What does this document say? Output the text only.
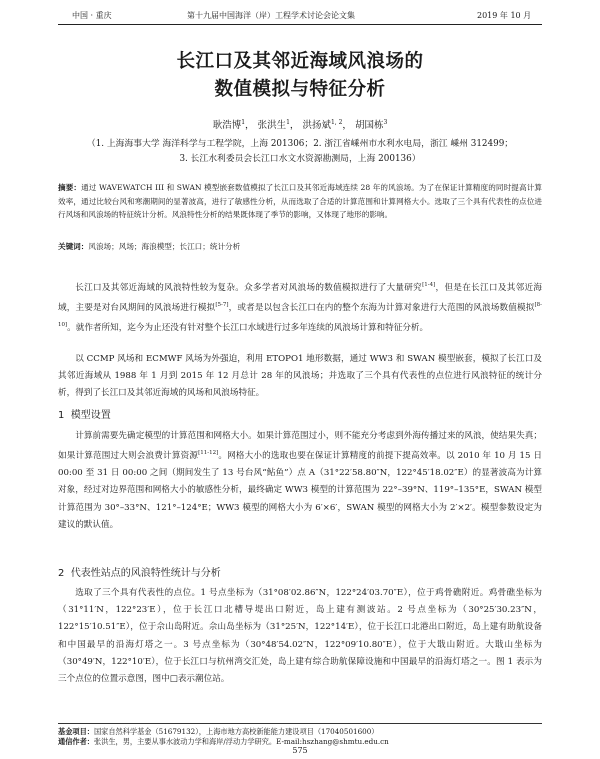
中国 · 重庆	第十九届中国海洋（岸）工程学术讨论会论文集	2019 年 10 月
长江口及其邻近海域风浪场的
数值模拟与特征分析
耿浩博$^1$， 张洪生$^1$， 洪扬斌$^{1, 2}$， 胡国栋$^3$
（1. 上海海事大学 海洋科学与工程学院，上海 201306；2. 浙江省嵊州市水利水电局，浙江 嵊州 312499；
3. 长江水利委员会长江口水文水资源勘测局，上海 200136）
摘要：通过 WAVEWATCH III 和 SWAN 模型嵌套数值模拟了长江口及其邻近海域连续 28 年的风浪场。为了在保证计算精度的同时提高计算效率，通过比较台风和寒潮期间的显著波高，进行了敏感性分析，从而选取了合适的计算范围和计算网格大小。选取了三个具有代表性的点位进行风场和风浪场的特征统计分析。风浪特性分析的结果既体现了季节的影响，又体现了地形的影响。
关键词：风浪场；风场；海浪模型；长江口；统计分析
长江口及其邻近海域的风浪特性较为复杂。众多学者对风浪场的数值模拟进行了大量研究[1-4]，但是在长江口及其邻近海域，主要是对台风期间的风浪场进行模拟[5-7]，或者是以包含长江口在内的整个东海为计算对象进行大范围的风浪场数值模拟[8-10]。就作者所知，迄今为止还没有针对整个长江口水域进行过多年连续的风浪场计算和特征分析。
以 CCMP 风场和 ECMWF 风场为外强迫，利用 ETOPO1 地形数据，通过 WW3 和 SWAN 模型嵌套，模拟了长江口及其邻近海域从 1988 年 1 月到 2015 年 12 月总计 28 年的风浪场；并选取了三个具有代表性的点位进行风浪特征的统计分析，得到了长江口及其邻近海域的风场和风浪场特征。
1 模型设置
计算前需要先确定模型的计算范围和网格大小。如果计算范围过小，则不能充分考虑到外海传播过来的风浪，使结果失真；如果计算范围过大则会浪费计算资源[11-12]。网格大小的选取也要在保证计算精度的前提下提高效率。以 2010 年 10 月 15 日 00:00 至 31 日 00:00 之间（期间发生了 13 号台风“鲇鱼”）点 A（31°22′58.80″N，122°45′18.02″E）的显著波高为计算对象，经过对边界范围和网格大小的敏感性分析，最终确定 WW3 模型的计算范围为 22°–39°N、119°–135°E，SWAN 模型计算范围为 30°–33°N、121°–124°E；WW3 模型的网格大小为 6′×6′，SWAN 模型的网格大小为 2′×2′。模型参数设定为建议的默认值。
2 代表性站点的风浪特性统计与分析
选取了三个具有代表性的点位。1 号点坐标为（31°08′02.86″N，122°24′03.70″E），位于鸡骨礁附近。鸡骨礁坐标为（31°11′N，122°23′E），位于长江口北槽导堤出口附近，岛上建有测波站。2 号点坐标为（30°25′30.23″N，122°15′10.51″E），位于佘山岛附近。佘山岛坐标为（31°25′N，122°14′E），位于长江口北港出口附近，岛上建有助航设备和中国最早的沿海灯塔之一。3 号点坐标为（30°48′54.02″N，122°09′10.80″E），位于大戢山附近。大戢山坐标为（30°49′N，122°10′E），位于长江口与杭州湾交汇处，岛上建有综合助航保障设施和中国最早的沿海灯塔之一。图 1 表示为三个点位的位置示意图，图中□表示潮位站。
基金项目：国家自然科学基金（51679132），上海市地方高校新能能力建设项目（17040501600）
通信作者：张洪生，男，主要从事水波动力学和海岸/浮动力学研究。E-mail:hszhang@shmtu.edu.cn
575
